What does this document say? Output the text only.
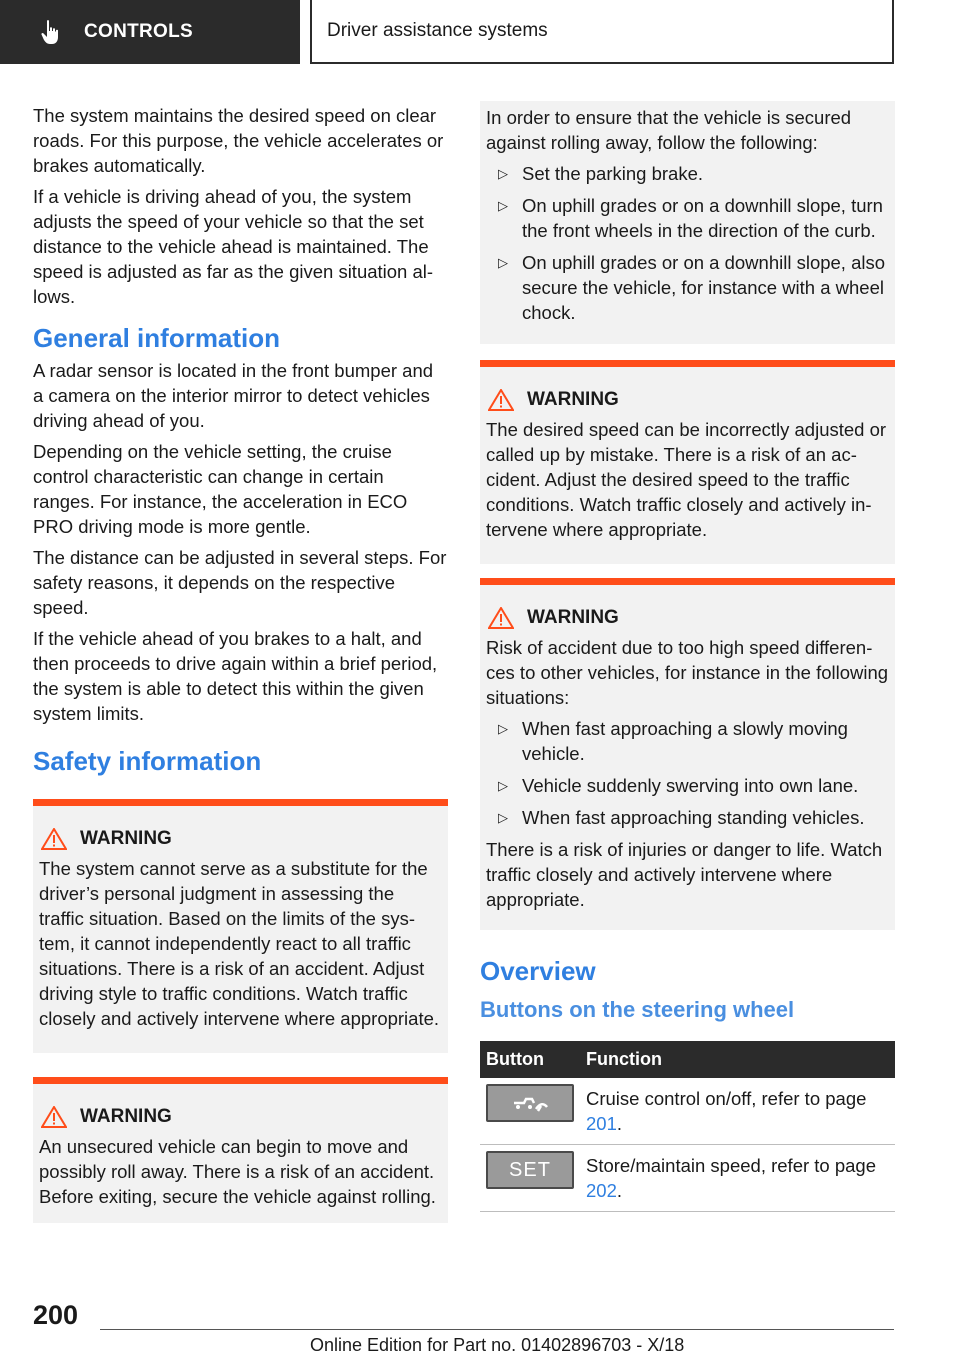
CONTROLS	Driver assistance systems

The system maintains the desired speed on clear roads. For this purpose, the vehicle accelerates or brakes automatically.

If a vehicle is driving ahead of you, the system adjusts the speed of your vehicle so that the set distance to the vehicle ahead is maintained. The speed is adjusted as far as the given situation allows.

General information

A radar sensor is located in the front bumper and a camera on the interior mirror to detect vehicles driving ahead of you.

Depending on the vehicle setting, the cruise control characteristic can change in certain ranges. For instance, the acceleration in ECO PRO driving mode is more gentle.

The distance can be adjusted in several steps. For safety reasons, it depends on the respective speed.

If the vehicle ahead of you brakes to a halt, and then proceeds to drive again within a brief period, the system is able to detect this within the given system limits.

Safety information
WARNING

The system cannot serve as a substitute for the driver’s personal judgment in assessing the traffic situation. Based on the limits of the system, it cannot independently react to all traffic situations. There is a risk of an accident. Adjust driving style to traffic conditions. Watch traffic closely and actively intervene where appropriate.

WARNING

An unsecured vehicle can begin to move and possibly roll away. There is a risk of an accident. Before exiting, secure the vehicle against rolling.

In order to ensure that the vehicle is secured against rolling away, follow the following:

▷ Set the parking brake.
▷ On uphill grades or on a downhill slope, turn the front wheels in the direction of the curb.
▷ On uphill grades or on a downhill slope, also secure the vehicle, for instance with a wheel chock.
WARNING

The desired speed can be incorrectly adjusted or called up by mistake. There is a risk of an accident. Adjust the desired speed to the traffic conditions. Watch traffic closely and actively intervene where appropriate.

WARNING

Risk of accident due to too high speed differences to other vehicles, for instance in the following situations:

▷ When fast approaching a slowly moving vehicle.
▷ Vehicle suddenly swerving into own lane.
▷ When fast approaching standing vehicles.

There is a risk of injuries or danger to life. Watch traffic closely and actively intervene where appropriate.

Overview
Buttons on the steering wheel
Button	Function

	Cruise control on/off, refer to page 201.

SET	Store/maintain speed, refer to page 202.
200
Online Edition for Part no. 01402896703 - X/18
